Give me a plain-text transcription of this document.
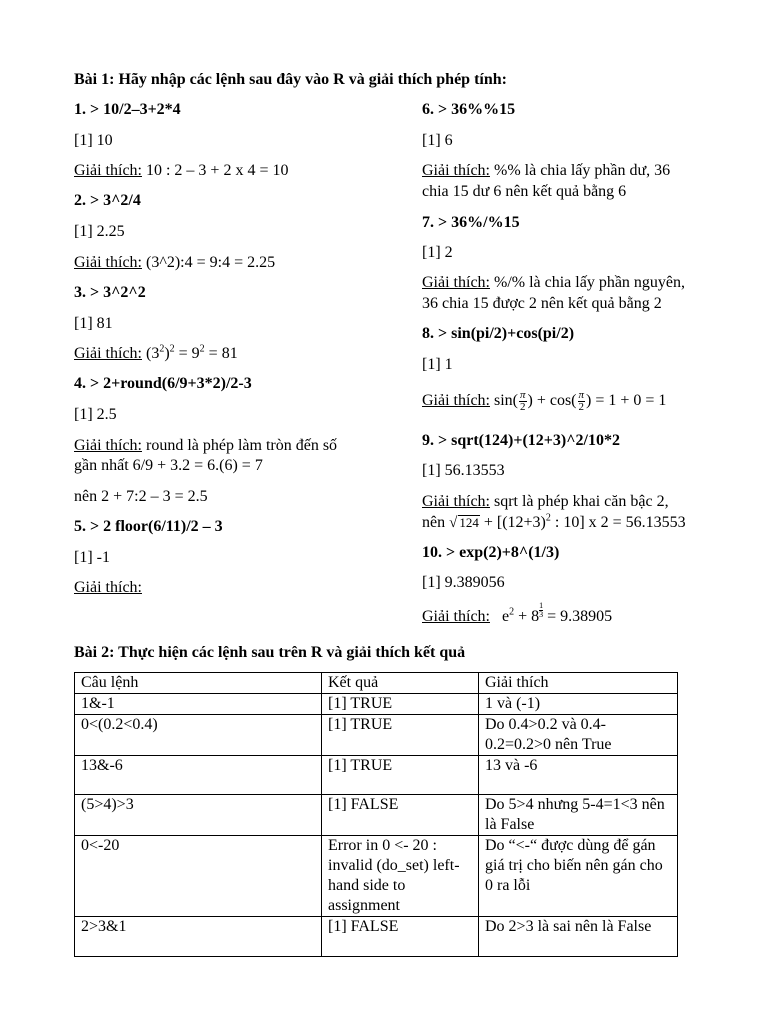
Bài 1: Hãy nhập các lệnh sau đây vào R và giải thích phép tính:
1. > 10/2–3+2*4
[1] 10
Giải thích: 10 : 2 – 3 + 2 x 4 = 10
2. > 3^2/4
[1] 2.25
Giải thích: (3^2):4 = 9:4 = 2.25
3. > 3^2^2
[1] 81
Giải thích: $(3^2)^2 = 9^2 = 81$
4. > 2+round(6/9+3*2)/2-3
[1] 2.5
Giải thích: round là phép làm tròn đến số
gần nhất 6/9 + 3.2 = 6.(6) = 7
nên 2 + 7:2 – 3 = 2.5
5. > 2 floor(6/11)/2 – 3
[1] -1
Giải thích:
6. > 36%%15
[1] 6
Giải thích: %% là chia lấy phần dư, 36
chia 15 dư 6 nên kết quả bằng 6
7. > 36%/%15
[1] 2
Giải thích: %/% là chia lấy phần nguyên,
36 chia 15 được 2 nên kết quả bằng 2
8. > sin(pi/2)+cos(pi/2)
[1] 1
Giải thích: $\sin( \frac{\pi}{2}$ ) + $\cos( \frac{\pi}{2}$ ) = 1 + 0 = 1
9. > sqrt(124)+(12+3)^2/10*2
[1] 56.13553
Giải thích: sqrt là phép khai căn bậc 2,
nên √ $124 + [(12+3)^2$ : 10] x 2 = 56.13553
10. > exp(2)+8^(1/3)
[1] 9.389056
Giải thích: $e^2 + 8 \frac{1}{3} = 9.38905$
Bài 2: Thực hiện các lệnh sau trên R và giải thích kết quả
Câu lệnh	Kết quả	Giải thích
1&-1	[1] TRUE	1 và (-1)
0<(0.2<0.4)	[1] TRUE	Do 0.4>0.2 và 0.4-0.2=0.2>0 nên True
13&-6	[1] TRUE	13 và -6
(5>4)>3	[1] FALSE	Do 5>4 nhưng 5-4=1<3 nên là False
0<-20	Error in 0 <- 20 : invalid (do_set) left-hand side to assignment	Do “<-“ được dùng để gán giá trị cho biến nên gán cho 0 ra lỗi
2>3&1	[1] FALSE	Do 2>3 là sai nên là False
